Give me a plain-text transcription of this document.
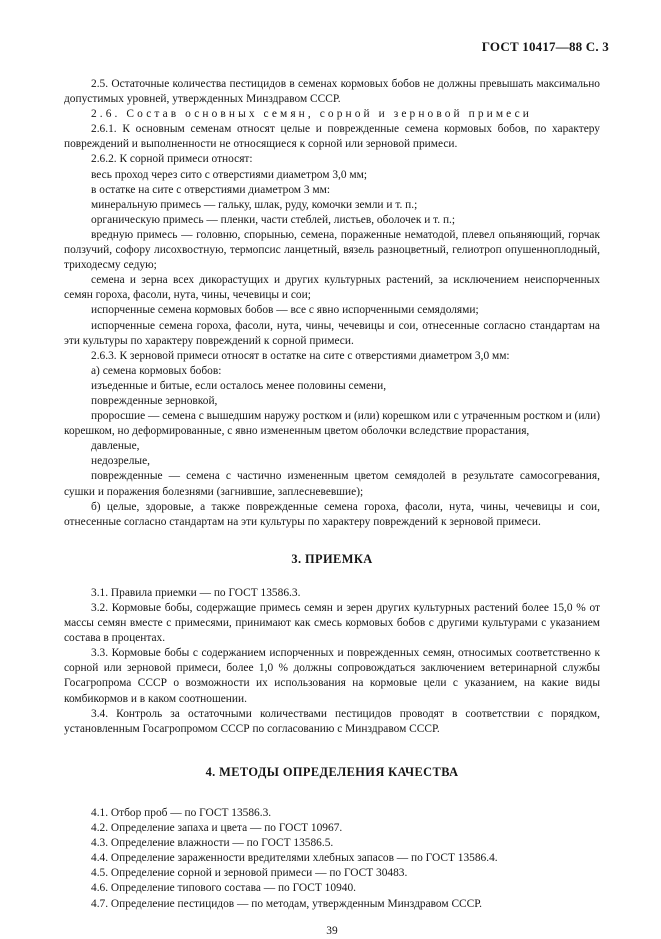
ГОСТ 10417—88 С. 3

2.5. Остаточные количества пестицидов в семенах кормовых бобов не должны превышать максимально допустимых уровней, утвержденных Минздравом СССР.

2.6. Состав основных семян, сорной и зерновой примеси

2.6.1. К основным семенам относят целые и поврежденные семена кормовых бобов, по характеру повреждений и выполненности не относящиеся к сорной или зерновой примеси.

2.6.2. К сорной примеси относят:

весь проход через сито с отверстиями диаметром 3,0 мм;

в остатке на сите с отверстиями диаметром 3 мм:

минеральную примесь — гальку, шлак, руду, комочки земли и т. п.;

органическую примесь — пленки, части стеблей, листьев, оболочек и т. п.;

вредную примесь — головню, спорынью, семена, пораженные нематодой, плевел опьяняющий, горчак ползучий, софору лисохвостную, термопсис ланцетный, вязель разноцветный, гелиотроп опушенноплодный, триходесму седую;

семена и зерна всех дикорастущих и других культурных растений, за исключением неиспорченных семян гороха, фасоли, нута, чины, чечевицы и сои;

испорченные семена кормовых бобов — все с явно испорченными семядолями;

испорченные семена гороха, фасоли, нута, чины, чечевицы и сои, отнесенные согласно стандартам на эти культуры по характеру повреждений к сорной примеси.

2.6.3. К зерновой примеси относят в остатке на сите с отверстиями диаметром 3,0 мм:

а) семена кормовых бобов:

изъеденные и битые, если осталось менее половины семени,

поврежденные зерновкой,

проросшие — семена с вышедшим наружу ростком и (или) корешком или с утраченным ростком и (или) корешком, но деформированные, с явно измененным цветом оболочки вследствие прорастания,

давленые,

недозрелые,

поврежденные — семена с частично измененным цветом семядолей в результате самосогревания, сушки и поражения болезнями (загнившие, заплесневевшие);

б) целые, здоровые, а также поврежденные семена гороха, фасоли, нута, чины, чечевицы и сои, отнесенные согласно стандартам на эти культуры по характеру повреждений к зерновой примеси.

3. ПРИЕМКА

3.1. Правила приемки — по ГОСТ 13586.3.

3.2. Кормовые бобы, содержащие примесь семян и зерен других культурных растений более 15,0 % от массы семян вместе с примесями, принимают как смесь кормовых бобов с другими культурами с указанием состава в процентах.

3.3. Кормовые бобы с содержанием испорченных и поврежденных семян, относимых соответственно к сорной или зерновой примеси, более 1,0 % должны сопровождаться заключением ветеринарной службы Госагропрома СССР о возможности их использования на кормовые цели с указанием, на какие виды комбикормов и в каком соотношении.

3.4. Контроль за остаточными количествами пестицидов проводят в соответствии с порядком, установленным Госагропромом СССР по согласованию с Минздравом СССР.

4. МЕТОДЫ ОПРЕДЕЛЕНИЯ КАЧЕСТВА

4.1. Отбор проб — по ГОСТ 13586.3.

4.2. Определение запаха и цвета — по ГОСТ 10967.

4.3. Определение влажности — по ГОСТ 13586.5.

4.4. Определение зараженности вредителями хлебных запасов — по ГОСТ 13586.4.

4.5. Определение сорной и зерновой примеси — по ГОСТ 30483.

4.6. Определение типового состава — по ГОСТ 10940.

4.7. Определение пестицидов — по методам, утвержденным Минздравом СССР.

39
